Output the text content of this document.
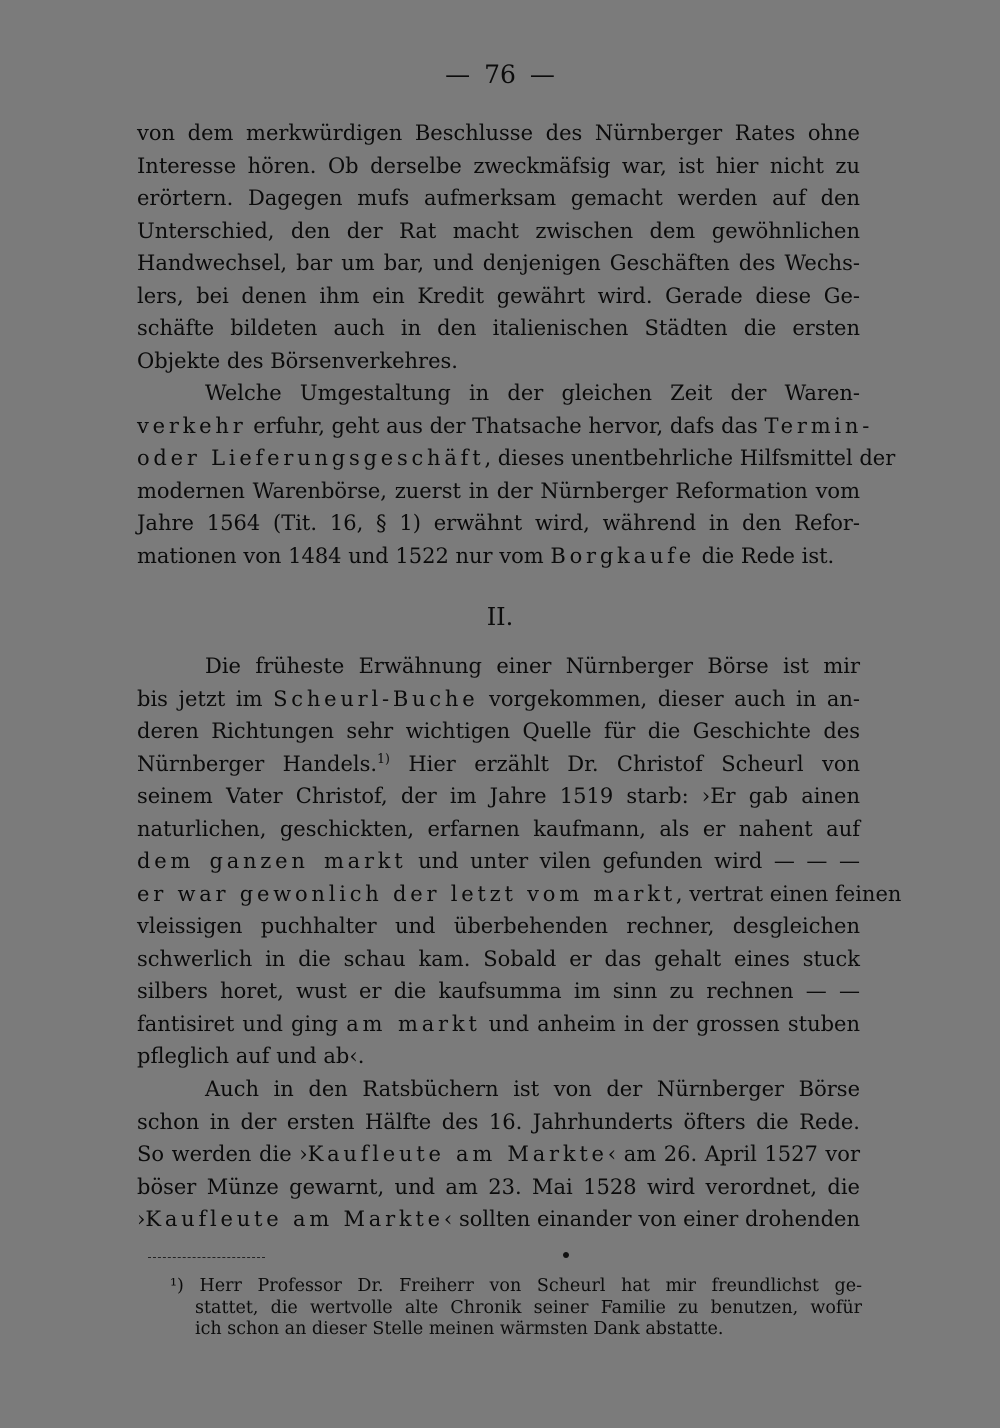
— 76 —
von dem merkwürdigen Beschlusse des Nürnberger Rates ohne
Interesse hören. Ob derselbe zweckmäfsig war, ist hier nicht zu
erörtern. Dagegen mufs aufmerksam gemacht werden auf den
Unterschied, den der Rat macht zwischen dem gewöhnlichen
Handwechsel, bar um bar, und denjenigen Geschäften des Wechs-
lers, bei denen ihm ein Kredit gewährt wird. Gerade diese Ge-
schäfte bildeten auch in den italienischen Städten die ersten
Objekte des Börsenverkehres.
Welche Umgestaltung in der gleichen Zeit der Waren-
verkehr erfuhr, geht aus der Thatsache hervor, dafs das Termin-
oder Lieferungsgeschäft, dieses unentbehrliche Hilfsmittel der
modernen Warenbörse, zuerst in der Nürnberger Reformation vom
Jahre 1564 (Tit. 16, § 1) erwähnt wird, während in den Refor-
mationen von 1484 und 1522 nur vom Borgkaufe die Rede ist.
II.
Die früheste Erwähnung einer Nürnberger Börse ist mir
bis jetzt im Scheurl-Buche vorgekommen, dieser auch in an-
deren Richtungen sehr wichtigen Quelle für die Geschichte des
Nürnberger Handels.$^{1)}$ Hier erzählt Dr. Christof Scheurl von
seinem Vater Christof, der im Jahre 1519 starb: ›Er gab ainen
naturlichen, geschickten, erfarnen kaufmann, als er nahent auf
dem ganzen markt und unter vilen gefunden wird — — —
er war gewonlich der letzt vom markt, vertrat einen feinen
vleissigen puchhalter und überbehenden rechner, desgleichen
schwerlich in die schau kam. Sobald er das gehalt eines stuck
silbers horet, wust er die kaufsumma im sinn zu rechnen — —
fantisiret und ging am markt und anheim in der grossen stuben
pfleglich auf und ab‹.
Auch in den Ratsbüchern ist von der Nürnberger Börse
schon in der ersten Hälfte des 16. Jahrhunderts öfters die Rede.
So werden die ›Kaufleute am Markte‹ am 26. April 1527 vor
böser Münze gewarnt, und am 23. Mai 1528 wird verordnet, die
›Kaufleute am Markte‹ sollten einander von einer drohenden
¹) Herr Professor Dr. Freiherr von Scheurl hat mir freundlichst ge-
stattet, die wertvolle alte Chronik seiner Familie zu benutzen, wofür
ich schon an dieser Stelle meinen wärmsten Dank abstatte.
